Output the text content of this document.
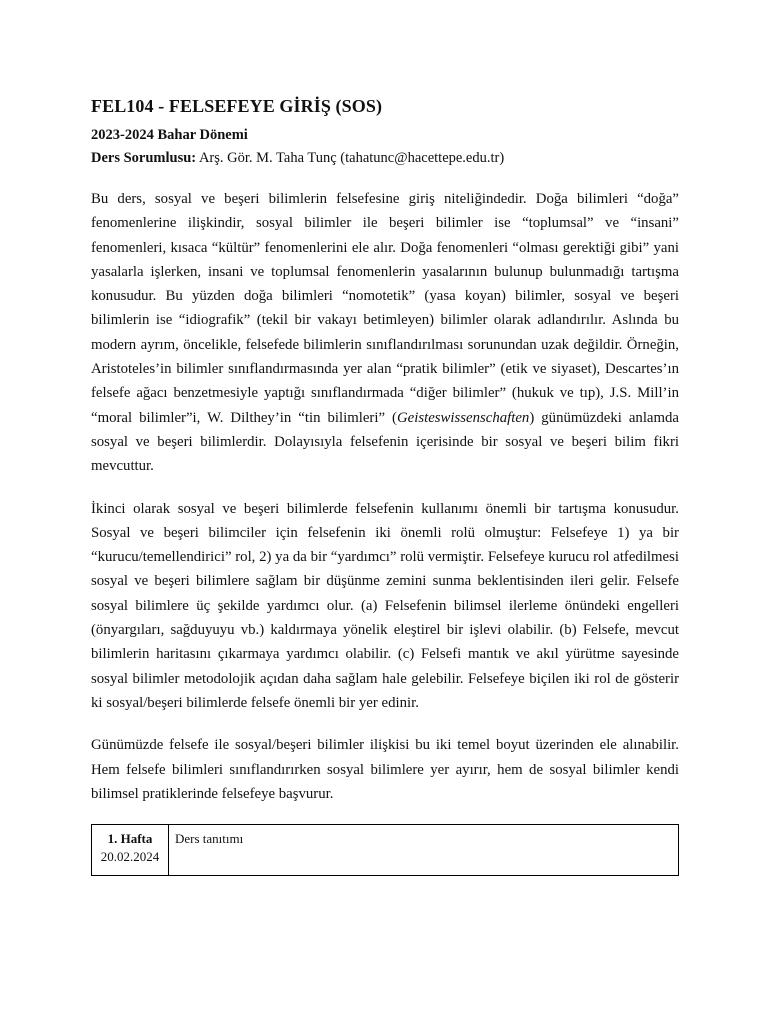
FEL104 - FELSEFEYE GİRİŞ (SOS)
2023-2024 Bahar Dönemi
Ders Sorumlusu: Arş. Gör. M. Taha Tunç (tahatunc@hacettepe.edu.tr)

Bu ders, sosyal ve beşeri bilimlerin felsefesine giriş niteliğindedir. Doğa bilimleri “doğa” fenomenlerine ilişkindir, sosyal bilimler ile beşeri bilimler ise “toplumsal” ve “insani” fenomenleri, kısaca “kültür” fenomenlerini ele alır. Doğa fenomenleri “olması gerektiği gibi” yani yasalarla işlerken, insani ve toplumsal fenomenlerin yasalarının bulunup bulunmadığı tartışma konusudur. Bu yüzden doğa bilimleri “nomotetik” (yasa koyan) bilimler, sosyal ve beşeri bilimlerin ise “idiografik” (tekil bir vakayı betimleyen) bilimler olarak adlandırılır. Aslında bu modern ayrım, öncelikle, felsefede bilimlerin sınıflandırılması sorunundan uzak değildir. Örneğin, Aristoteles’in bilimler sınıflandırmasında yer alan “pratik bilimler” (etik ve siyaset), Descartes’ın felsefe ağacı benzetmesiyle yaptığı sınıflandırmada “diğer bilimler” (hukuk ve tıp), J.S. Mill’in “moral bilimler”i, W. Dilthey’in “tin bilimleri” (Geisteswissenschaften) günümüzdeki anlamda sosyal ve beşeri bilimlerdir. Dolayısıyla felsefenin içerisinde bir sosyal ve beşeri bilim fikri mevcuttur.

İkinci olarak sosyal ve beşeri bilimlerde felsefenin kullanımı önemli bir tartışma konusudur. Sosyal ve beşeri bilimciler için felsefenin iki önemli rolü olmuştur: Felsefeye 1) ya bir “kurucu/temellendirici” rol, 2) ya da bir “yardımcı” rolü vermiştir. Felsefeye kurucu rol atfedilmesi sosyal ve beşeri bilimlere sağlam bir düşünme zemini sunma beklentisinden ileri gelir. Felsefe sosyal bilimlere üç şekilde yardımcı olur. (a) Felsefenin bilimsel ilerleme önündeki engelleri (önyargıları, sağduyuyu vb.) kaldırmaya yönelik eleştirel bir işlevi olabilir. (b) Felsefe, mevcut bilimlerin haritasını çıkarmaya yardımcı olabilir. (c) Felsefi mantık ve akıl yürütme sayesinde sosyal bilimler metodolojik açıdan daha sağlam hale gelebilir. Felsefeye biçilen iki rol de gösterir ki sosyal/beşeri bilimlerde felsefe önemli bir yer edinir.

Günümüzde felsefe ile sosyal/beşeri bilimler ilişkisi bu iki temel boyut üzerinden ele alınabilir. Hem felsefe bilimleri sınıflandırırken sosyal bilimlere yer ayırır, hem de sosyal bilimler kendi bilimsel pratiklerinde felsefeye başvurur.

1. Hafta
20.02.2024
	Ders tanıtımı
